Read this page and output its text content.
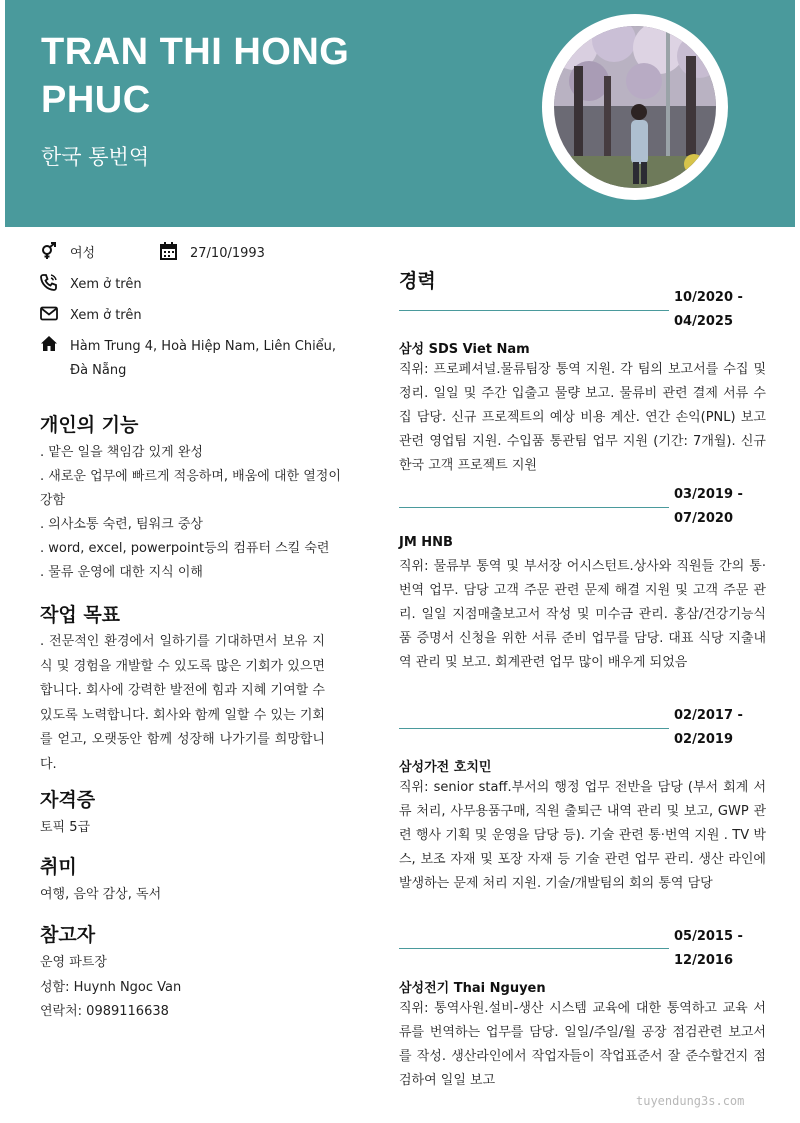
TRAN THI HONG PHUC
한국 통번역
여성	27/10/1993
Xem ở trên
Xem ở trên
Hàm Trung 4, Hoà Hiệp Nam, Liên Chiểu, Đà Nẵng
개인의 기능
. 맡은 일을 책임감 있게 완성
. 새로운 업무에 빠르게 적응하며, 배움에 대한 열정이 강함
. 의사소통 숙련, 팀워크 중상
. word, excel, powerpoint등의 컴퓨터 스킬 숙련
. 물류 운영에 대한 지식 이해
작업 목표
. 전문적인 환경에서 일하기를 기대하면서 보유 지식 및 경험을 개발할 수 있도록 많은 기회가 있으면 합니다. 회사에 강력한 발전에 힘과 지혜 기여할 수 있도록 노력합니다. 회사와 함께 일할 수 있는 기회를 얻고, 오랫동안 함께 성장해 나가기를 희망합니다.
자격증
토픽 5급
취미
여행, 음악 감상, 독서
참고자
운영 파트장
성함: Huynh Ngoc Van
연락처: 0989116638
경력
10/2020 -
04/2025
삼성 SDS Viet Nam
직위: 프로페셔널.물류팀장 통역 지원. 각 팀의 보고서를 수집 및 정리. 일일 및 주간 입출고 물량 보고. 물류비 관련 결제 서류 수집 담당. 신규 프로젝트의 예상 비용 계산. 연간 손익(PNL) 보고 관련 영업팀 지원. 수입품 통관팀 업무 지원 (기간: 7개월). 신규 한국 고객 프로젝트 지원
03/2019 -
07/2020
JM HNB
직위: 물류부 통역 및 부서장 어시스턴트.상사와 직원들 간의 통·번역 업무. 담당 고객 주문 관련 문제 해결 지원 및 고객 주문 관리. 일일 지점매출보고서 작성 및 미수금 관리. 홍삼/건강기능식품 증명서 신청을 위한 서류 준비 업무를 담당. 대표 식당 지출내역 관리 및 보고. 회계관련 업무 많이 배우게 되었음
02/2017 -
02/2019
삼성가전 호치민
직위: senior staff.부서의 행정 업무 전반을 담당 (부서 회계 서류 처리, 사무용품구매, 직원 출퇴근 내역 관리 및 보고, GWP 관련 행사 기획 및 운영을 담당 등). 기술 관련 통·번역 지원 . TV 박스, 보조 자재 및 포장 자재 등 기술 관련 업무 관리. 생산 라인에 발생하는 문제 처리 지원. 기술/개발팀의 회의 통역 담당
05/2015 -
12/2016
삼성전기 Thai Nguyen
직위: 통역사원.설비-생산 시스템 교육에 대한 통역하고 교육 서류를 번역하는 업무를 담당. 일일/주일/월 공장 점검관련 보고서를 작성. 생산라인에서 작업자들이 작업표준서 잘 준수할건지 점검하여 일일 보고
tuyendung3s.com
